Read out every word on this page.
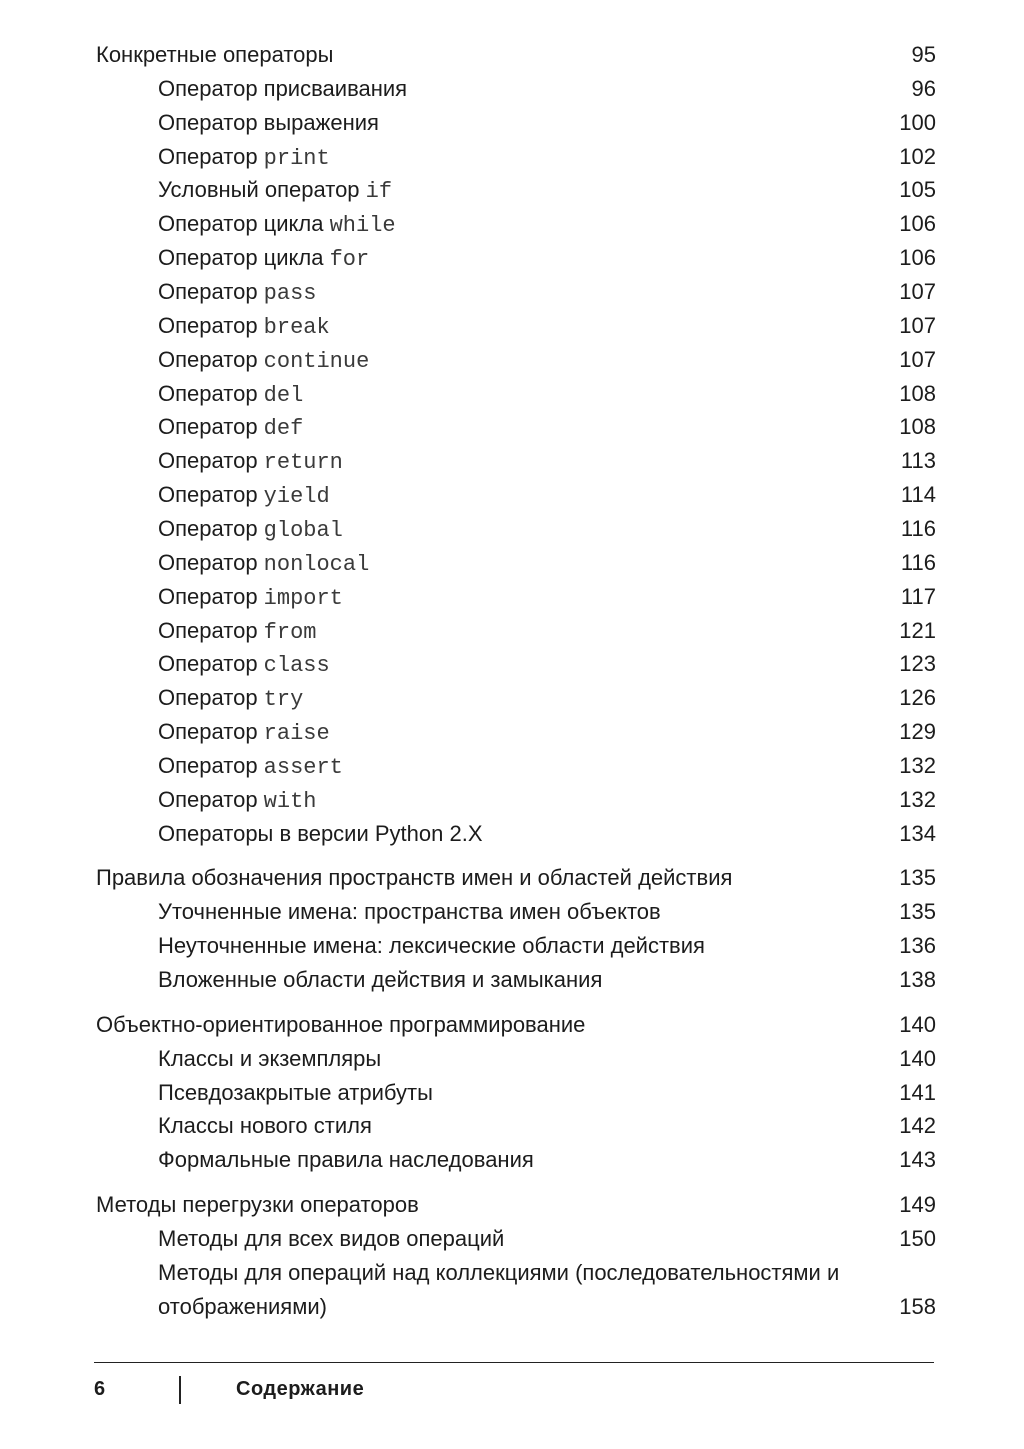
Конкретные операторы	95
Оператор присваивания	96
Оператор выражения	100
Оператор print	102
Условный оператор if	105
Оператор цикла while	106
Оператор цикла for	106
Оператор pass	107
Оператор break	107
Оператор continue	107
Оператор del	108
Оператор def	108
Оператор return	113
Оператор yield	114
Оператор global	116
Оператор nonlocal	116
Оператор import	117
Оператор from	121
Оператор class	123
Оператор try	126
Оператор raise	129
Оператор assert	132
Оператор with	132
Операторы в версии Python 2.X	134
Правила обозначения пространств имен и областей действия	135
Уточненные имена: пространства имен объектов	135
Неуточненные имена: лексические области действия	136
Вложенные области действия и замыкания	138
Объектно-ориентированное программирование	140
Классы и экземпляры	140
Псевдозакрытые атрибуты	141
Классы нового стиля	142
Формальные правила наследования	143
Методы перегрузки операторов	149
Методы для всех видов операций	150
Методы для операций над коллекциями (последовательностями и
отображениями)	158
6	Содержание
